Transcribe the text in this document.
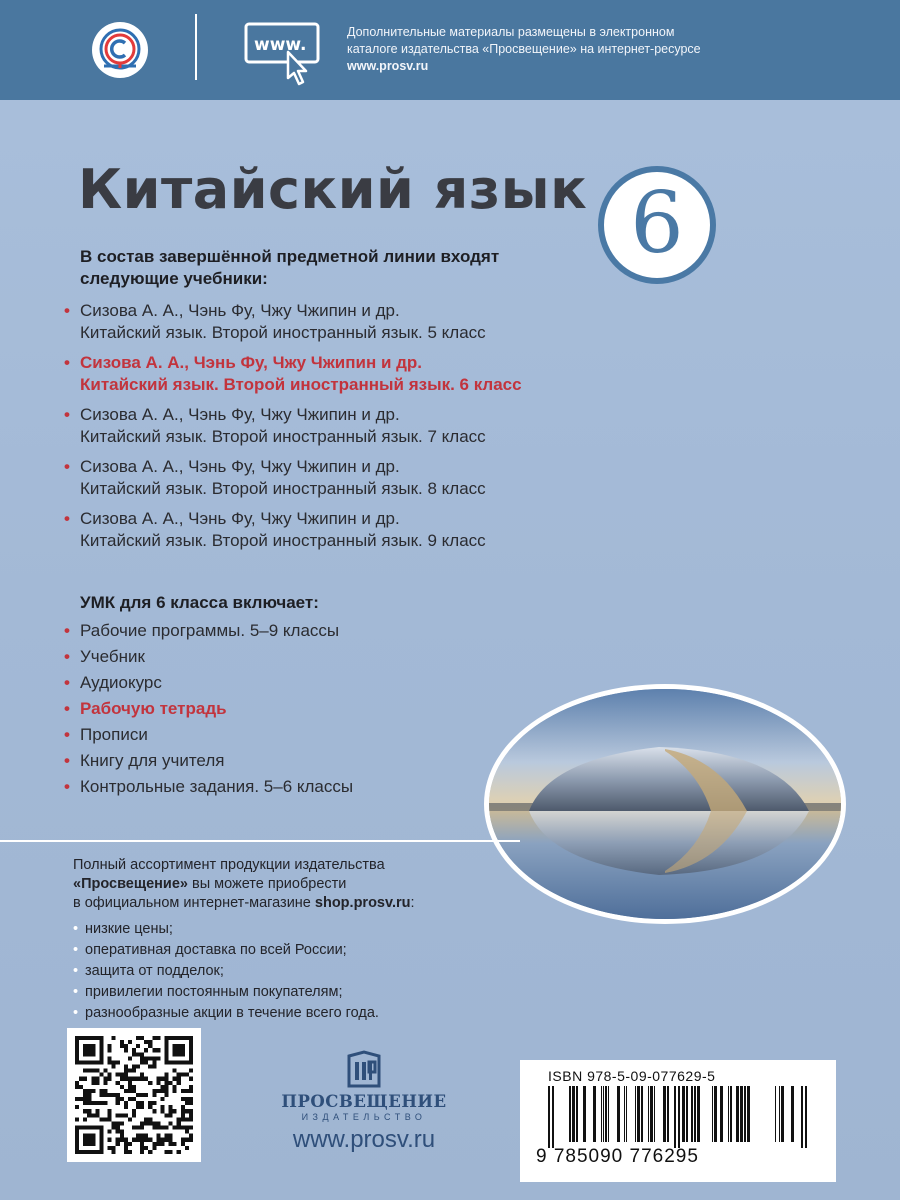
www.
Дополнительные материалы размещены в электронном
каталоге издательства «Просвещение» на интернет-ресурсе
www.prosv.ru
Китайский язык 6
В состав завершённой предметной линии входят
следующие учебники:
• Сизова А. А., Чэнь Фу, Чжу Чжипин и др.
Китайский язык. Второй иностранный язык. 5 класс
• Сизова А. А., Чэнь Фу, Чжу Чжипин и др.
Китайский язык. Второй иностранный язык. 6 класс
• Сизова А. А., Чэнь Фу, Чжу Чжипин и др.
Китайский язык. Второй иностранный язык. 7 класс
• Сизова А. А., Чэнь Фу, Чжу Чжипин и др.
Китайский язык. Второй иностранный язык. 8 класс
• Сизова А. А., Чэнь Фу, Чжу Чжипин и др.
Китайский язык. Второй иностранный язык. 9 класс
УМК для 6 класса включает:
• Рабочие программы. 5–9 классы
• Учебник
• Аудиокурс
• Рабочую тетрадь
• Прописи
• Книгу для учителя
• Контрольные задания. 5–6 классы
Полный ассортимент продукции издательства
«Просвещение» вы можете приобрести
в официальном интернет-магазине shop.prosv.ru:
• низкие цены;
• оперативная доставка по всей России;
• защита от подделок;
• привилегии постоянным покупателям;
• разнообразные акции в течение всего года.
ПРОСВЕЩЕНИЕ
ИЗДАТЕЛЬСТВО
www.prosv.ru
ISBN 978-5-09-077629-5
9 785090 776295
